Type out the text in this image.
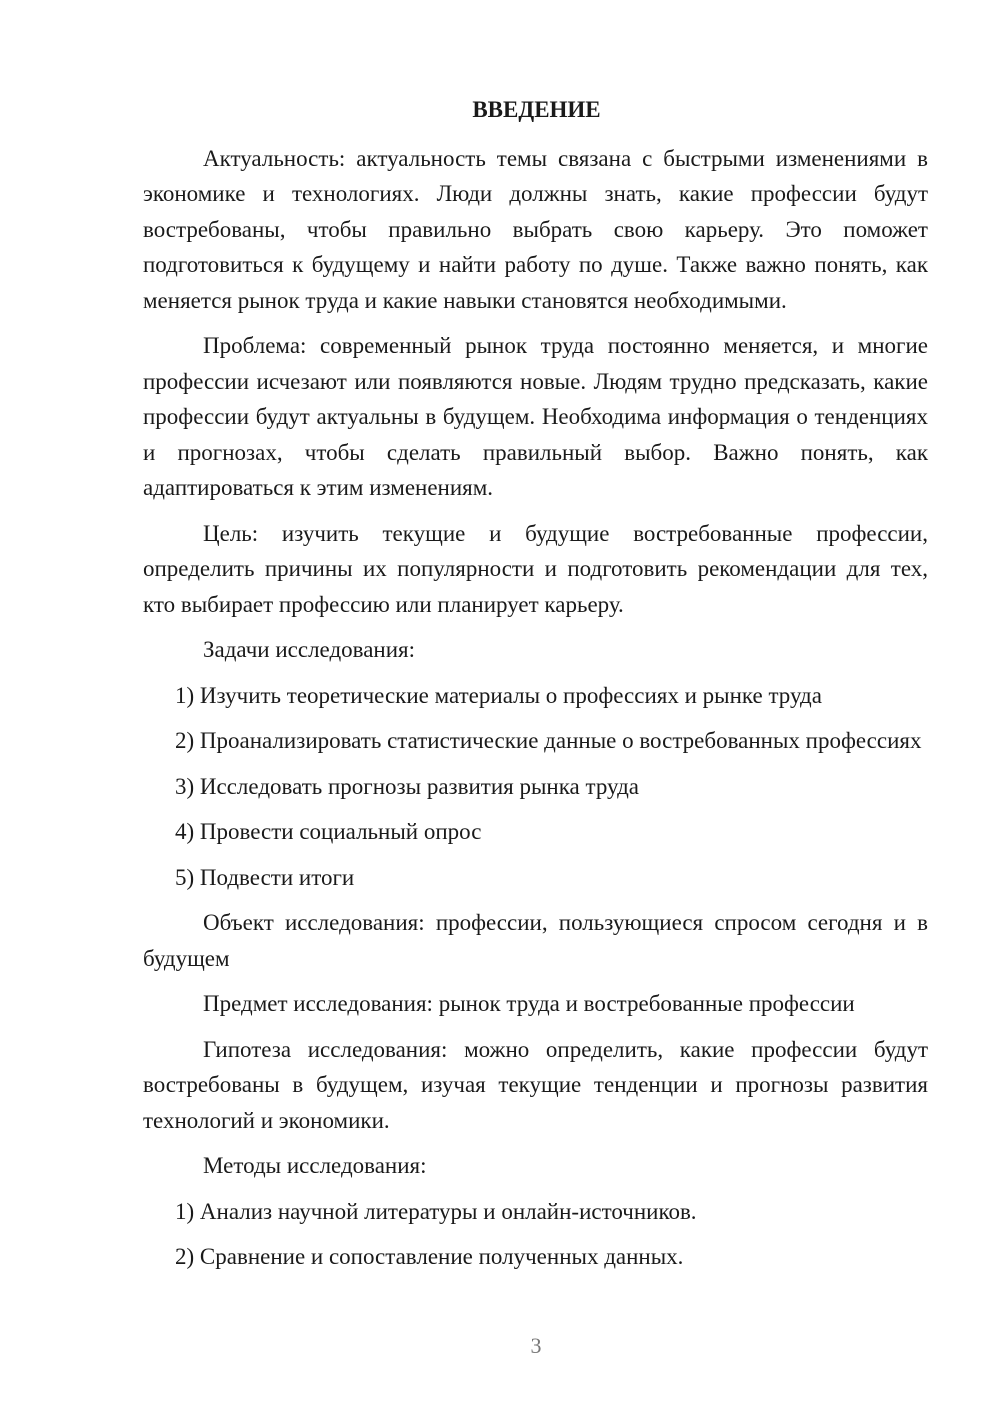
ВВЕДЕНИЕ

Актуальность: актуальность темы связана с быстрыми изменениями в экономике и технологиях. Люди должны знать, какие профессии будут востребованы, чтобы правильно выбрать свою карьеру. Это поможет подготовиться к будущему и найти работу по душе. Также важно понять, как меняется рынок труда и какие навыки становятся необходимыми.

Проблема: современный рынок труда постоянно меняется, и многие профессии исчезают или появляются новые. Людям трудно предсказать, какие профессии будут актуальны в будущем. Необходима информация о тенденциях и прогнозах, чтобы сделать правильный выбор. Важно понять, как адаптироваться к этим изменениям.

Цель: изучить текущие и будущие востребованные профессии, определить причины их популярности и подготовить рекомендации для тех, кто выбирает профессию или планирует карьеру.

Задачи исследования:

1) Изучить теоретические материалы о профессиях и рынке труда

2) Проанализировать статистические данные о востребованных профессиях

3) Исследовать прогнозы развития рынка труда

4) Провести социальный опрос

5) Подвести итоги

Объект исследования: профессии, пользующиеся спросом сегодня и в будущем

Предмет исследования: рынок труда и востребованные профессии

Гипотеза исследования: можно определить, какие профессии будут востребованы в будущем, изучая текущие тенденции и прогнозы развития технологий и экономики.

Методы исследования:

1) Анализ научной литературы и онлайн-источников.

2) Сравнение и сопоставление полученных данных.

3
